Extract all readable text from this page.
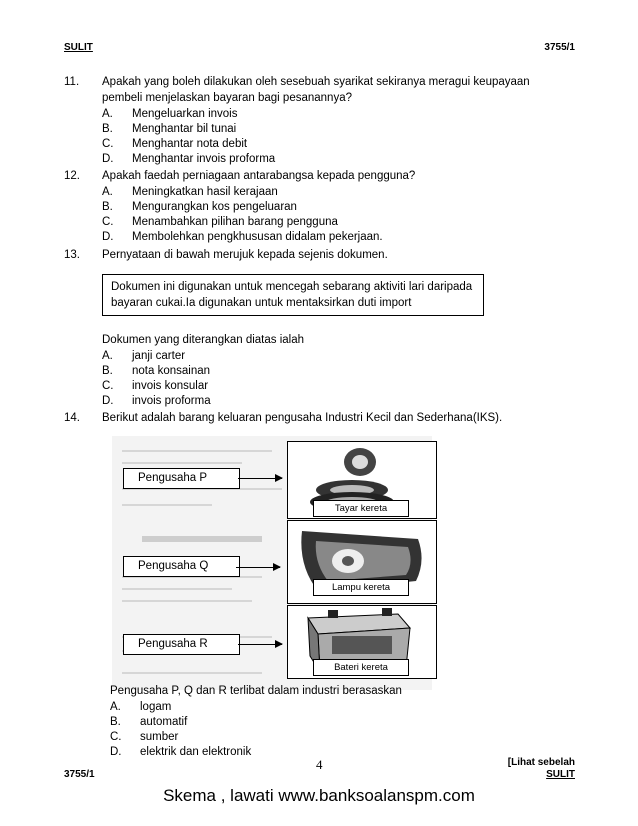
SULIT	3755/1
11. Apakah yang boleh dilakukan oleh sesebuah syarikat sekiranya meragui keupayaan
pembeli menjelaskan bayaran bagi pesanannya?
A. Mengeluarkan invois
B. Menghantar bil tunai
C. Menghantar nota debit
D. Menghantar invois proforma
12. Apakah faedah perniagaan antarabangsa kepada pengguna?
A. Meningkatkan hasil kerajaan
B. Mengurangkan kos pengeluaran
C. Menambahkan pilihan barang pengguna
D. Membolehkan pengkhususan didalam pekerjaan.
13. Pernyataan di bawah merujuk kepada sejenis dokumen.
Dokumen ini digunakan untuk mencegah sebarang aktiviti lari daripada
bayaran cukai.Ia digunakan untuk mentaksirkan duti import
Dokumen yang diterangkan diatas ialah
A. janji carter
B. nota konsainan
C. invois konsular
D. invois proforma
14. Berikut adalah barang keluaran pengusaha Industri Kecil dan Sederhana(IKS).
Pengusaha P
Tayar kereta
Pengusaha Q
Lampu kereta
Pengusaha R
Bateri kereta
Pengusaha P, Q dan R terlibat dalam industri berasaskan
A. logam
B. automatif
C. sumber
D. elektrik dan elektronik
4	[Lihat sebelah
3755/1	SULIT
Skema , lawati www.banksoalanspm.com
